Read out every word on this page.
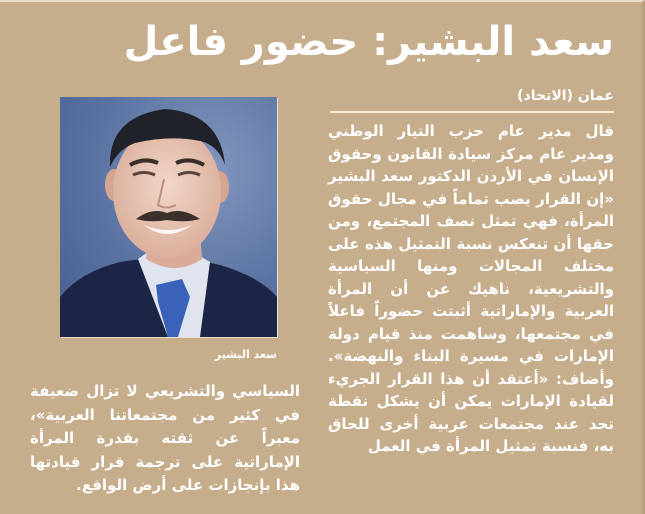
سعد البشير: حضور فاعل
عمان (الاتحاد)

قال مدير عام حزب التيار الوطني ومدير عام مركز سيادة القانون وحقوق الإنسان في الأردن الدكتور سعد البشير «إن القرار يصب تماماً في مجال حقوق المرأة، فهي تمثل نصف المجتمع، ومن حقها أن تنعكس نسبة التمثيل هذه على مختلف المجالات ومنها السياسية والتشريعية، ناهيك عن أن المرأة العربية والإماراتية أثبتت حضوراً فاعلاً في مجتمعها، وساهمت منذ قيام دولة الإمارات في مسيرة البناء والنهضة». وأضاف: «أعتقد أن هذا القرار الجريء لقيادة الإمارات يمكن أن يشكل نقطة تحد عند مجتمعات عربية أخرى للحاق به، فنسبة تمثيل المرأة في العمل

سعد البشير

السياسي والتشريعي لا تزال ضعيفة في كثير من مجتمعاتنا العربية»، معبراً عن ثقته بقدرة المرأة الإماراتية على ترجمة قرار قيادتها هذا بإنجازات على أرض الواقع.
